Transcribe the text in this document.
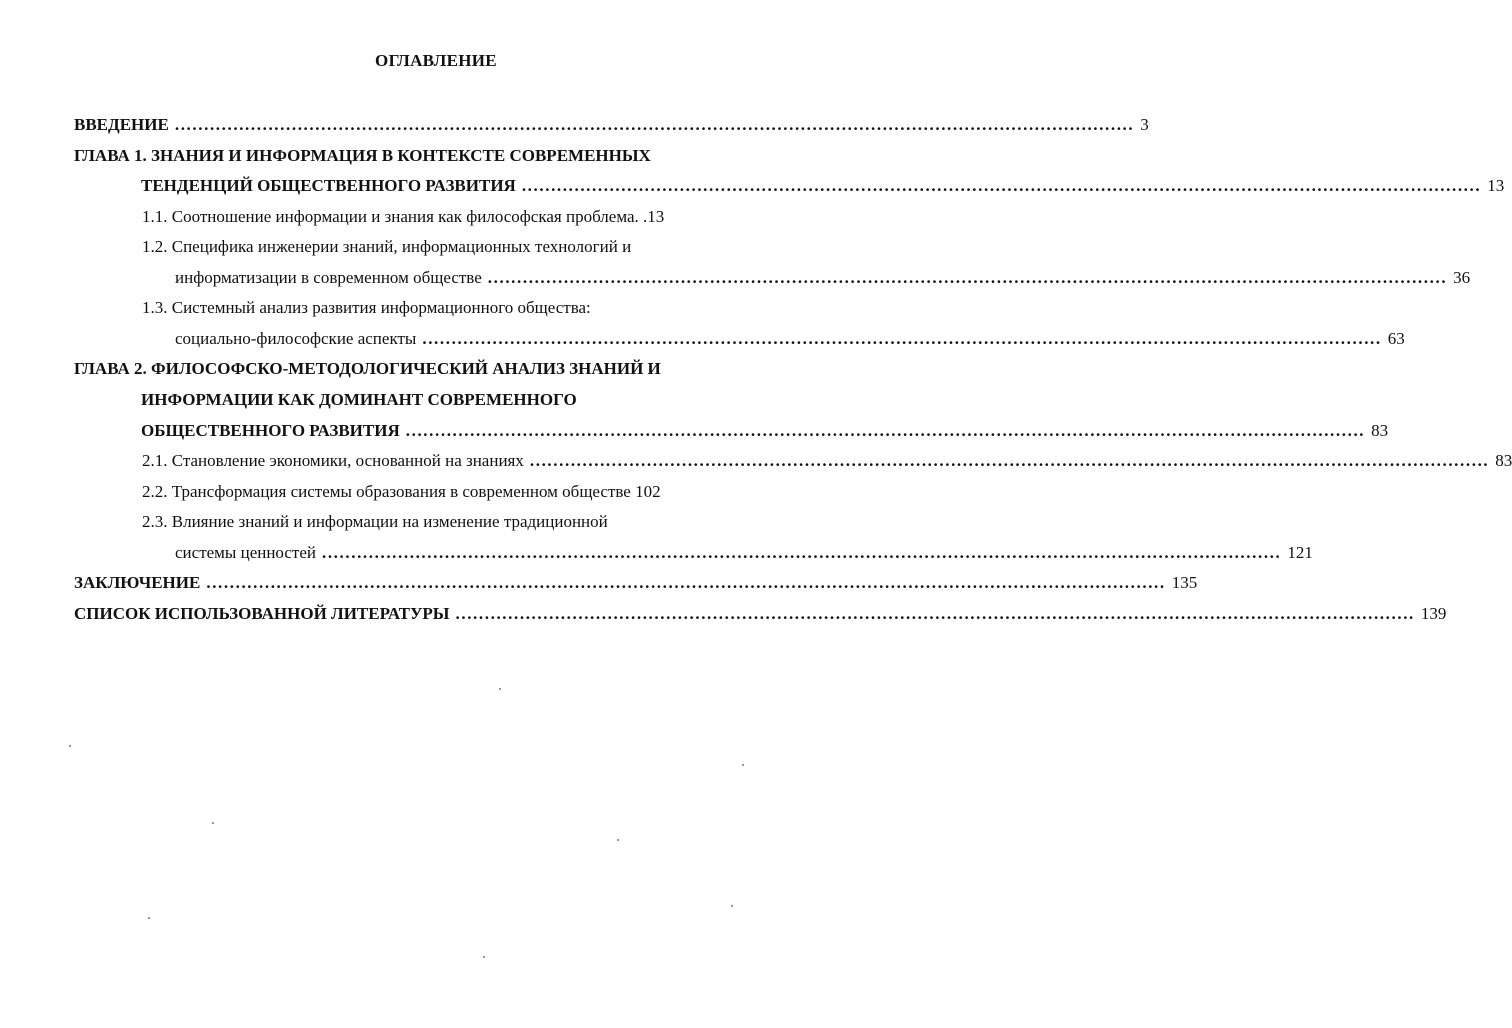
ОГЛАВЛЕНИЕ
ВВЕДЕНИЕ .................................................................................................................................................................... 3
ГЛАВА 1. ЗНАНИЯ И ИНФОРМАЦИЯ В КОНТЕКСТЕ СОВРЕМЕННЫХ
ТЕНДЕНЦИЙ ОБЩЕСТВЕННОГО РАЗВИТИЯ .................................................................................................................................................................... 13
1.1. Соотношение информации и знания как философская проблема. .13
1.2. Специфика инженерии знаний, информационных технологий и
информатизации в современном обществе .................................................................................................................................................................... 36
1.3. Системный анализ развития информационного общества:
социально-философские аспекты .................................................................................................................................................................... 63
ГЛАВА 2. ФИЛОСОФСКО-МЕТОДОЛОГИЧЕСКИЙ АНАЛИЗ ЗНАНИЙ И
ИНФОРМАЦИИ КАК ДОМИНАНТ СОВРЕМЕННОГО
ОБЩЕСТВЕННОГО РАЗВИТИЯ .................................................................................................................................................................... 83
2.1. Становление экономики, основанной на знаниях .................................................................................................................................................................... 83
2.2. Трансформация системы образования в современном обществе 102
2.3. Влияние знаний и информации на изменение традиционной
системы ценностей .................................................................................................................................................................... 121
ЗАКЛЮЧЕНИЕ .................................................................................................................................................................... 135
СПИСОК ИСПОЛЬЗОВАННОЙ ЛИТЕРАТУРЫ .................................................................................................................................................................... 139
